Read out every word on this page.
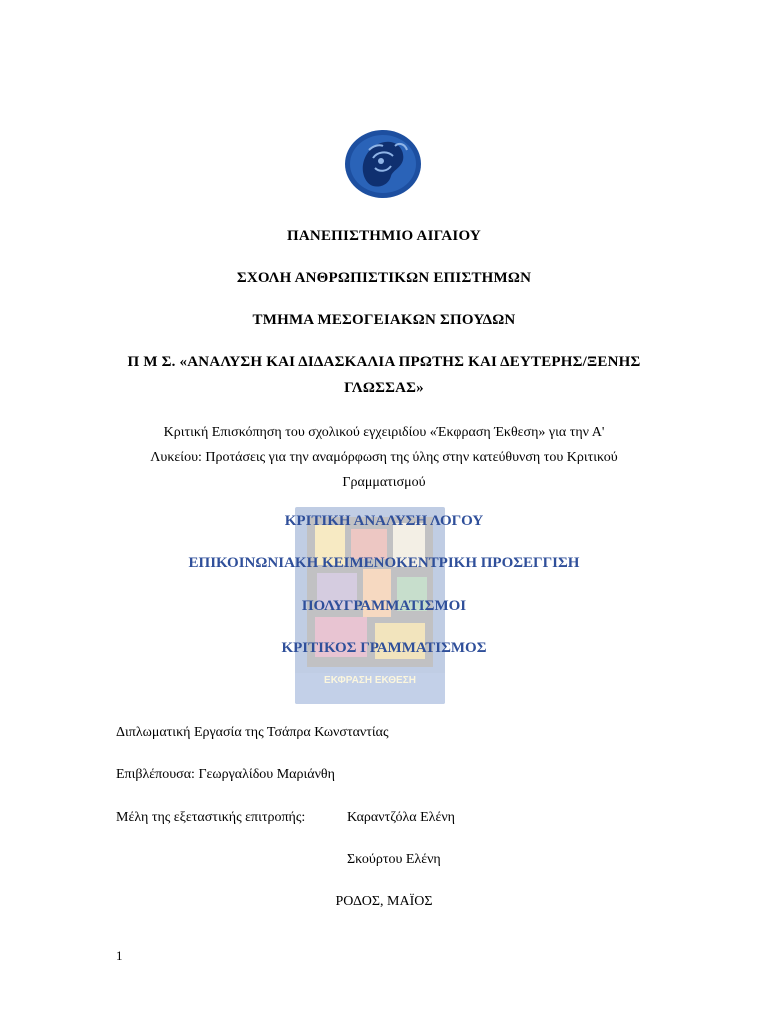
ΕΚΦΡΑΣΗ ΕΚΘΕΣΗ
ΠΑΝΕΠΙΣΤΗΜΙΟ ΑΙΓΑΙΟΥ
ΣΧΟΛΗ ΑΝΘΡΩΠΙΣΤΙΚΩΝ ΕΠΙΣΤΗΜΩΝ
ΤΜΗΜΑ ΜΕΣΟΓΕΙΑΚΩΝ ΣΠΟΥΔΩΝ
Π Μ Σ. «ΑΝΑΛΥΣΗ ΚΑΙ ΔΙΔΑΣΚΑΛΙΑ ΠΡΩΤΗΣ ΚΑΙ ΔΕΥΤΕΡΗΣ/ΞΕΝΗΣ
ΓΛΩΣΣΑΣ»
Κριτική Επισκόπηση του σχολικού εγχειριδίου «Έκφραση Έκθεση» για την Α'
Λυκείου: Προτάσεις για την αναμόρφωση της ύλης στην κατεύθυνση του Κριτικού
Γραμματισμού
ΚΡΙΤΙΚΗ ΑΝΑΛΥΣΗ ΛΟΓΟΥ
ΕΠΙΚΟΙΝΩΝΙΑΚΗ ΚΕΙΜΕΝΟΚΕΝΤΡΙΚΗ ΠΡΟΣΕΓΓΙΣΗ
ΠΟΛΥΓΡΑΜΜΑΤΙΣΜΟΙ
ΚΡΙΤΙΚΟΣ ΓΡΑΜΜΑΤΙΣΜΟΣ
Διπλωματική Εργασία της Τσάπρα Κωνσταντίας
Επιβλέπουσα: Γεωργαλίδου Μαριάνθη
Μέλη της εξεταστικής επιτροπής:	Καραντζόλα Ελένη
Σκούρτου Ελένη
ΡΟΔΟΣ, ΜΑΪΟΣ
1
